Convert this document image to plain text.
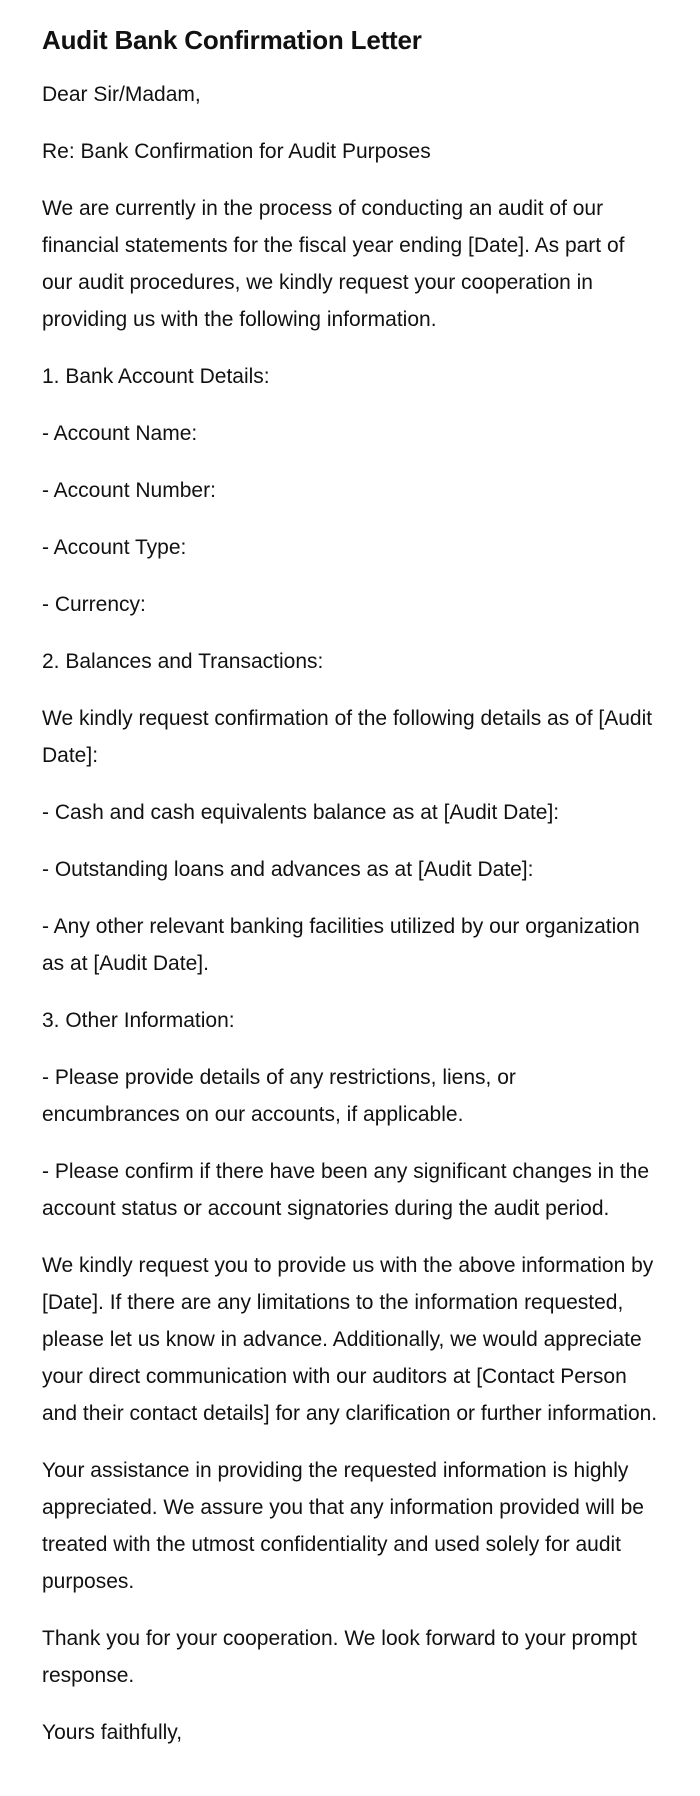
Audit Bank Confirmation Letter

Dear Sir/Madam,

Re: Bank Confirmation for Audit Purposes

We are currently in the process of conducting an audit of our financial statements for the fiscal year ending [Date]. As part of our audit procedures, we kindly request your cooperation in providing us with the following information.

1. Bank Account Details:

- Account Name:

- Account Number:

- Account Type:

- Currency:

2. Balances and Transactions:

We kindly request confirmation of the following details as of [Audit Date]:

- Cash and cash equivalents balance as at [Audit Date]:

- Outstanding loans and advances as at [Audit Date]:

- Any other relevant banking facilities utilized by our organization as at [Audit Date].

3. Other Information:

- Please provide details of any restrictions, liens, or encumbrances on our accounts, if applicable.

- Please confirm if there have been any significant changes in the account status or account signatories during the audit period.

We kindly request you to provide us with the above information by [Date]. If there are any limitations to the information requested, please let us know in advance. Additionally, we would appreciate your direct communication with our auditors at [Contact Person and their contact details] for any clarification or further information.

Your assistance in providing the requested information is highly appreciated. We assure you that any information provided will be treated with the utmost confidentiality and used solely for audit purposes.

Thank you for your cooperation. We look forward to your prompt response.

Yours faithfully,
